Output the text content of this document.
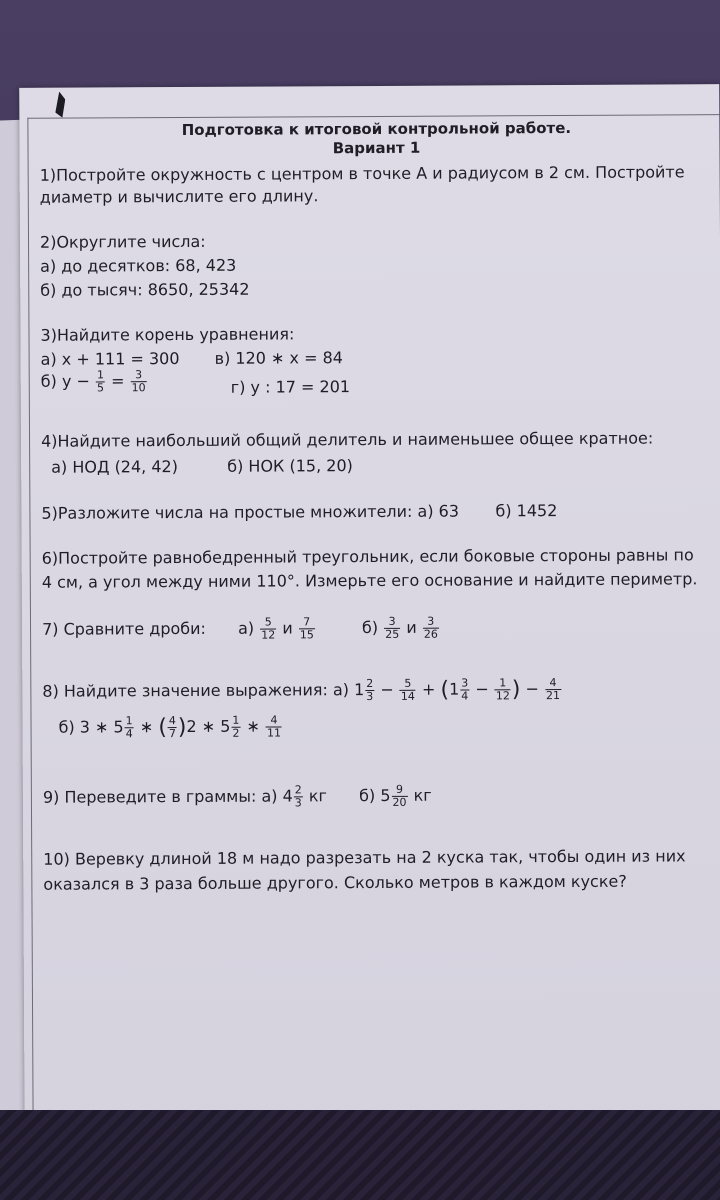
Подготовка к итоговой контрольной работе.
Вариант 1
1)Постройте окружность с центром в точке А и радиусом в 2 см. Постройте
диаметр и вычислите его длину.
2)Округлите числа:
а) до десятков: 68, 423
б) до тысяч: 8650, 25342
3)Найдите корень уравнения:
а) х + 111 = 300 в) 120 ∗ х = 84
б) $у - \frac{1}{5} = \frac{3}{10}$	г) у : 17 = 201
4)Найдите наибольший общий делитель и наименьшее общее кратное:
а) НОД (24, 42)	б) НОК (15, 20)
5)Разложите числа на простые множители: а) 63 б) 1452
6)Постройте равнобедренный треугольник, если боковые стороны равны по
4 см, а угол между ними 110°. Измерьте его основание и найдите периметр.
7) Сравните дроби: $а) \frac{5}{12}$ и $\frac{7}{15}$	$б) \frac{3}{25}$ и $\frac{3}{26}$
8) Найдите значение выражения: а) $1 \frac{2}{3} - \frac{5}{14} + (1 \frac{3}{4} - \frac{1}{12}$ ) − $\frac{4}{21}$
б) 3 ∗ $5 \frac{1}{4}$ ∗ ( $\frac{4}{7} )2$ ∗ $5 \frac{1}{2}$ ∗ $\frac{4}{11}$
9) Переведите в граммы: а) $4 \frac{2}{3}$ кг б) $5 \frac{9}{20}$ кг
10) Веревку длиной 18 м надо разрезать на 2 куска так, чтобы один из них
оказался в 3 раза больше другого. Сколько метров в каждом куске?
